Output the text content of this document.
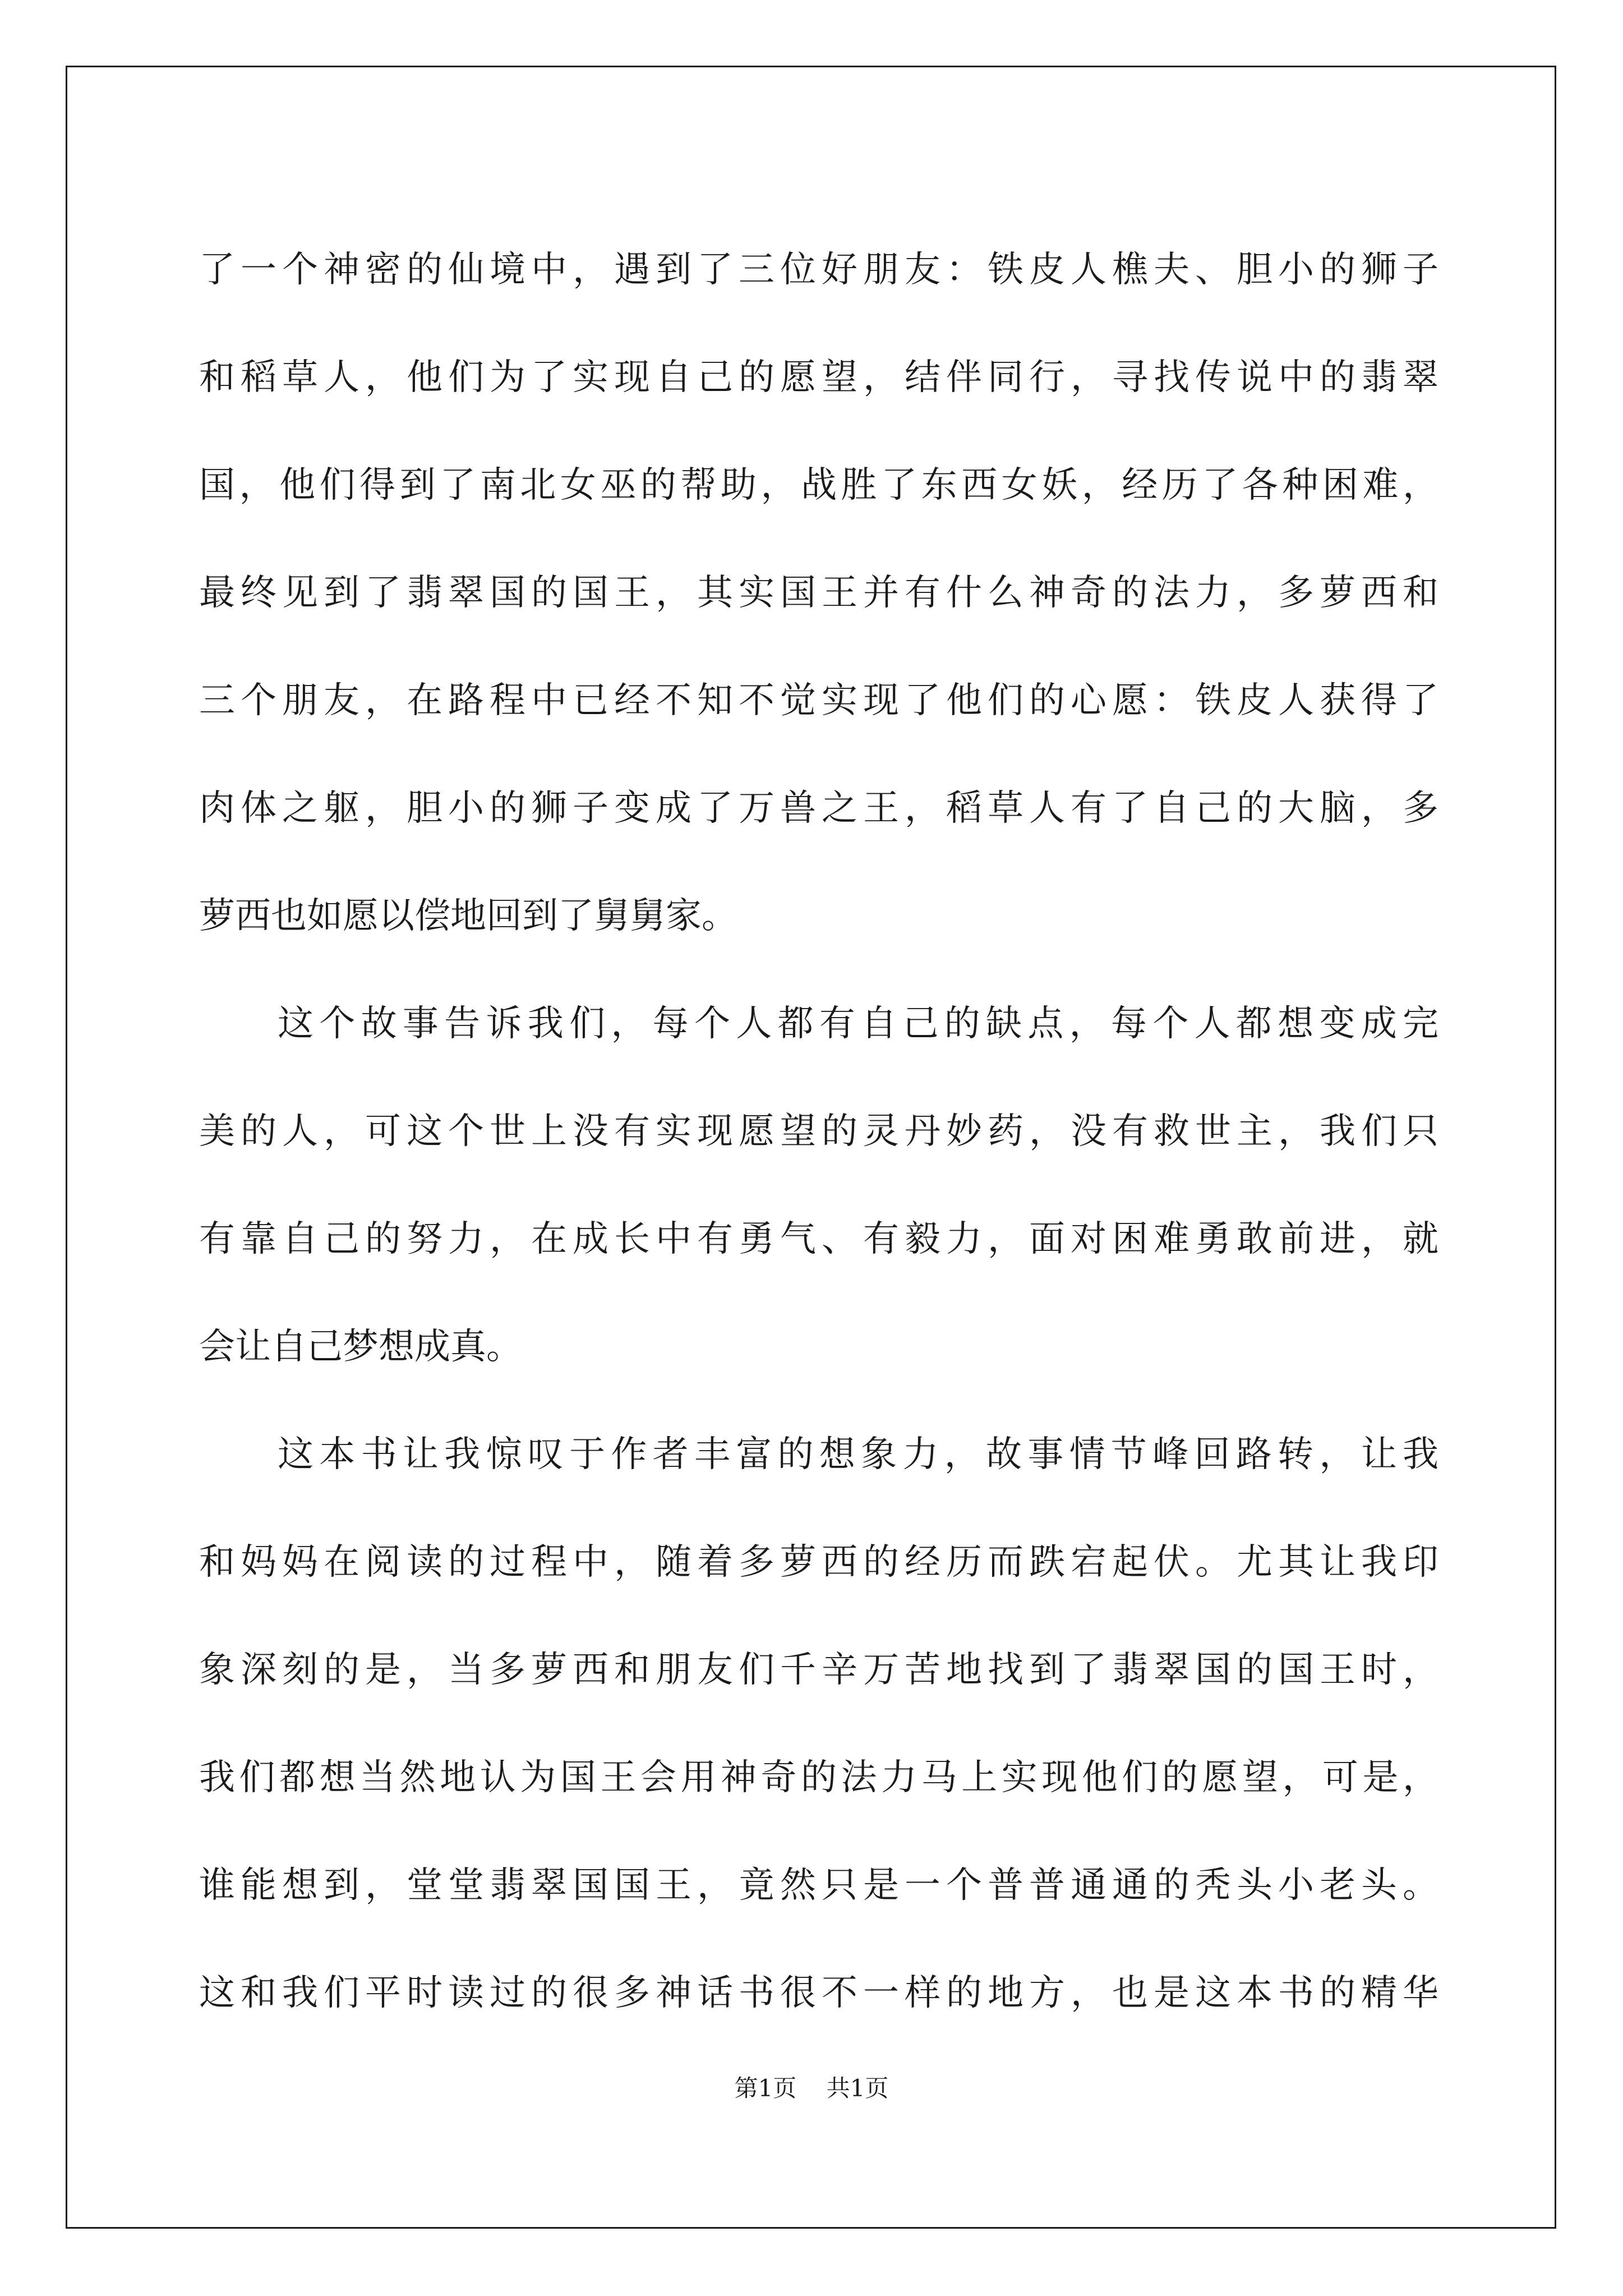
了一个神密的仙境中，遇到了三位好朋友：铁皮人樵夫、胆小的狮子
和稻草人，他们为了实现自己的愿望，结伴同行，寻找传说中的翡翠
国，他们得到了南北女巫的帮助，战胜了东西女妖，经历了各种困难，
最终见到了翡翠国的国王，其实国王并有什么神奇的法力，多萝西和
三个朋友，在路程中已经不知不觉实现了他们的心愿：铁皮人获得了
肉体之躯，胆小的狮子变成了万兽之王，稻草人有了自己的大脑，多
萝西也如愿以偿地回到了舅舅家。
这个故事告诉我们，每个人都有自己的缺点，每个人都想变成完
美的人，可这个世上没有实现愿望的灵丹妙药，没有救世主，我们只
有靠自己的努力，在成长中有勇气、有毅力，面对困难勇敢前进，就
会让自己梦想成真。
这本书让我惊叹于作者丰富的想象力，故事情节峰回路转，让我
和妈妈在阅读的过程中，随着多萝西的经历而跌宕起伏。尤其让我印
象深刻的是，当多萝西和朋友们千辛万苦地找到了翡翠国的国王时，
我们都想当然地认为国王会用神奇的法力马上实现他们的愿望，可是，
谁能想到，堂堂翡翠国国王，竟然只是一个普普通通的秃头小老头。
这和我们平时读过的很多神话书很不一样的地方，也是这本书的精华
第1页 共1页
